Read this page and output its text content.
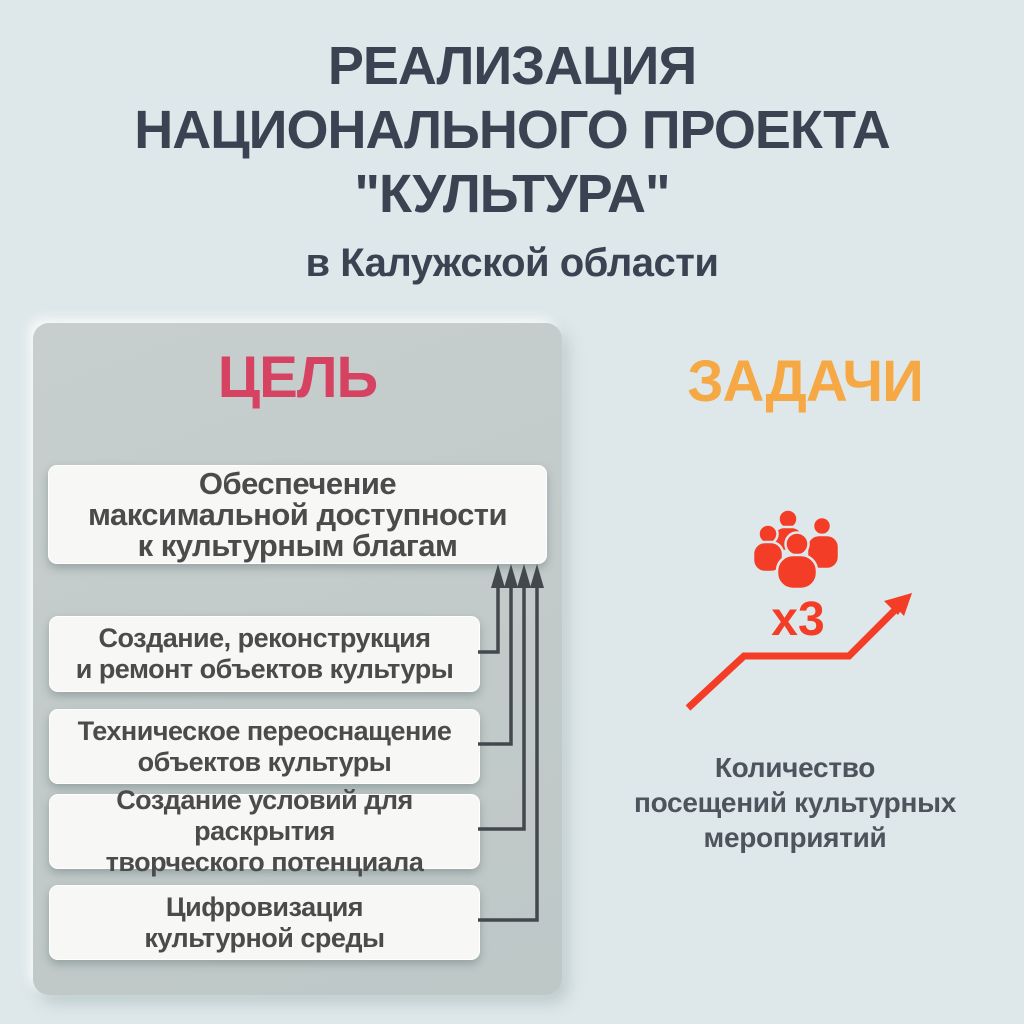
РЕАЛИЗАЦИЯ
НАЦИОНАЛЬНОГО ПРОЕКТА
"КУЛЬТУРА"
в Калужской области
ЦЕЛЬ
Обеспечение
максимальной доступности
к культурным благам
Создание, реконструкция
и ремонт объектов культуры
Техническое переоснащение
объектов культуры
Создание условий для раскрытия
творческого потенциала
Цифровизация
культурной среды
ЗАДАЧИ
x3
Количество
посещений культурных
мероприятий
